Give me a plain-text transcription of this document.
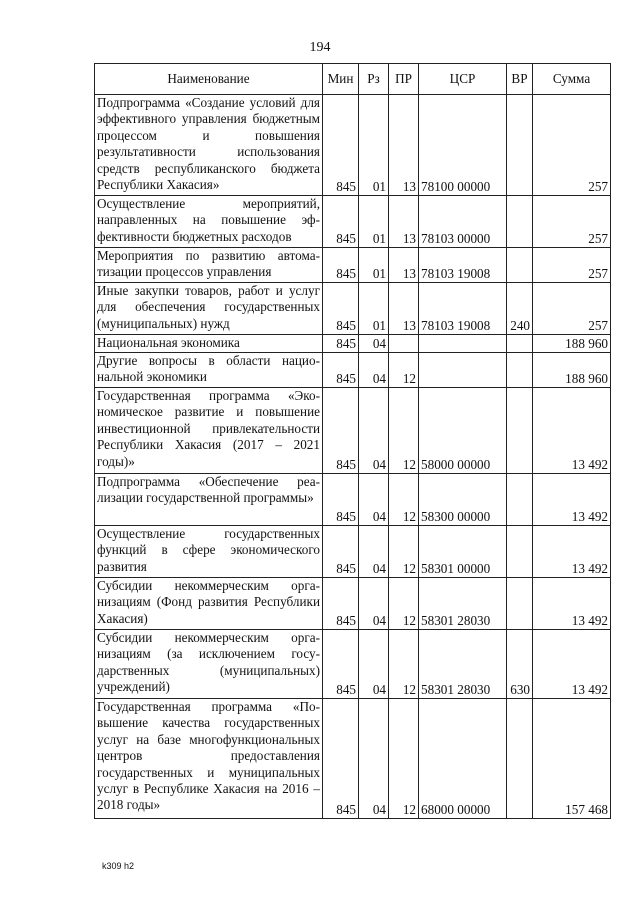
194
Наименование	Мин	Рз	ПР	ЦСР	ВР	Сумма
Подпрограмма «Создание условий для эффективного управления бюджетным процессом и повышения результативности использования средств республиканского бюджета Республики Хакасия»	845	01	13	78100 00000		257
Осуществление мероприятий, направленных на повышение эффективности бюджетных расходов	845	01	13	78103 00000		257
Мероприятия по развитию автоматизации процессов управления	845	01	13	78103 19008		257
Иные закупки товаров, работ и услуг для обеспечения государственных (муниципальных) нужд	845	01	13	78103 19008	240	257
Национальная экономика	845	04				188 960
Другие вопросы в области национальной экономики	845	04	12			188 960
Государственная программа «Экономическое развитие и повышение инвестиционной привлекательности Республики Хакасия (2017 – 2021 годы)»	845	04	12	58000 00000		13 492
Подпрограмма «Обеспечение реализации государственной программы»	845	04	12	58300 00000		13 492
Осуществление государственных функций в сфере экономического развития	845	04	12	58301 00000		13 492
Субсидии некоммерческим организациям (Фонд развития Республики Хакасия)	845	04	12	58301 28030		13 492
Субсидии некоммерческим организациям (за исключением государственных (муниципальных) учреждений)	845	04	12	58301 28030	630	13 492
Государственная программа «Повышение качества государственных услуг на базе многофункциональных центров предоставления государственных и муниципальных услуг в Республике Хакасия на 2016 – 2018 годы»	845	04	12	68000 00000		157 468
k309 h2
